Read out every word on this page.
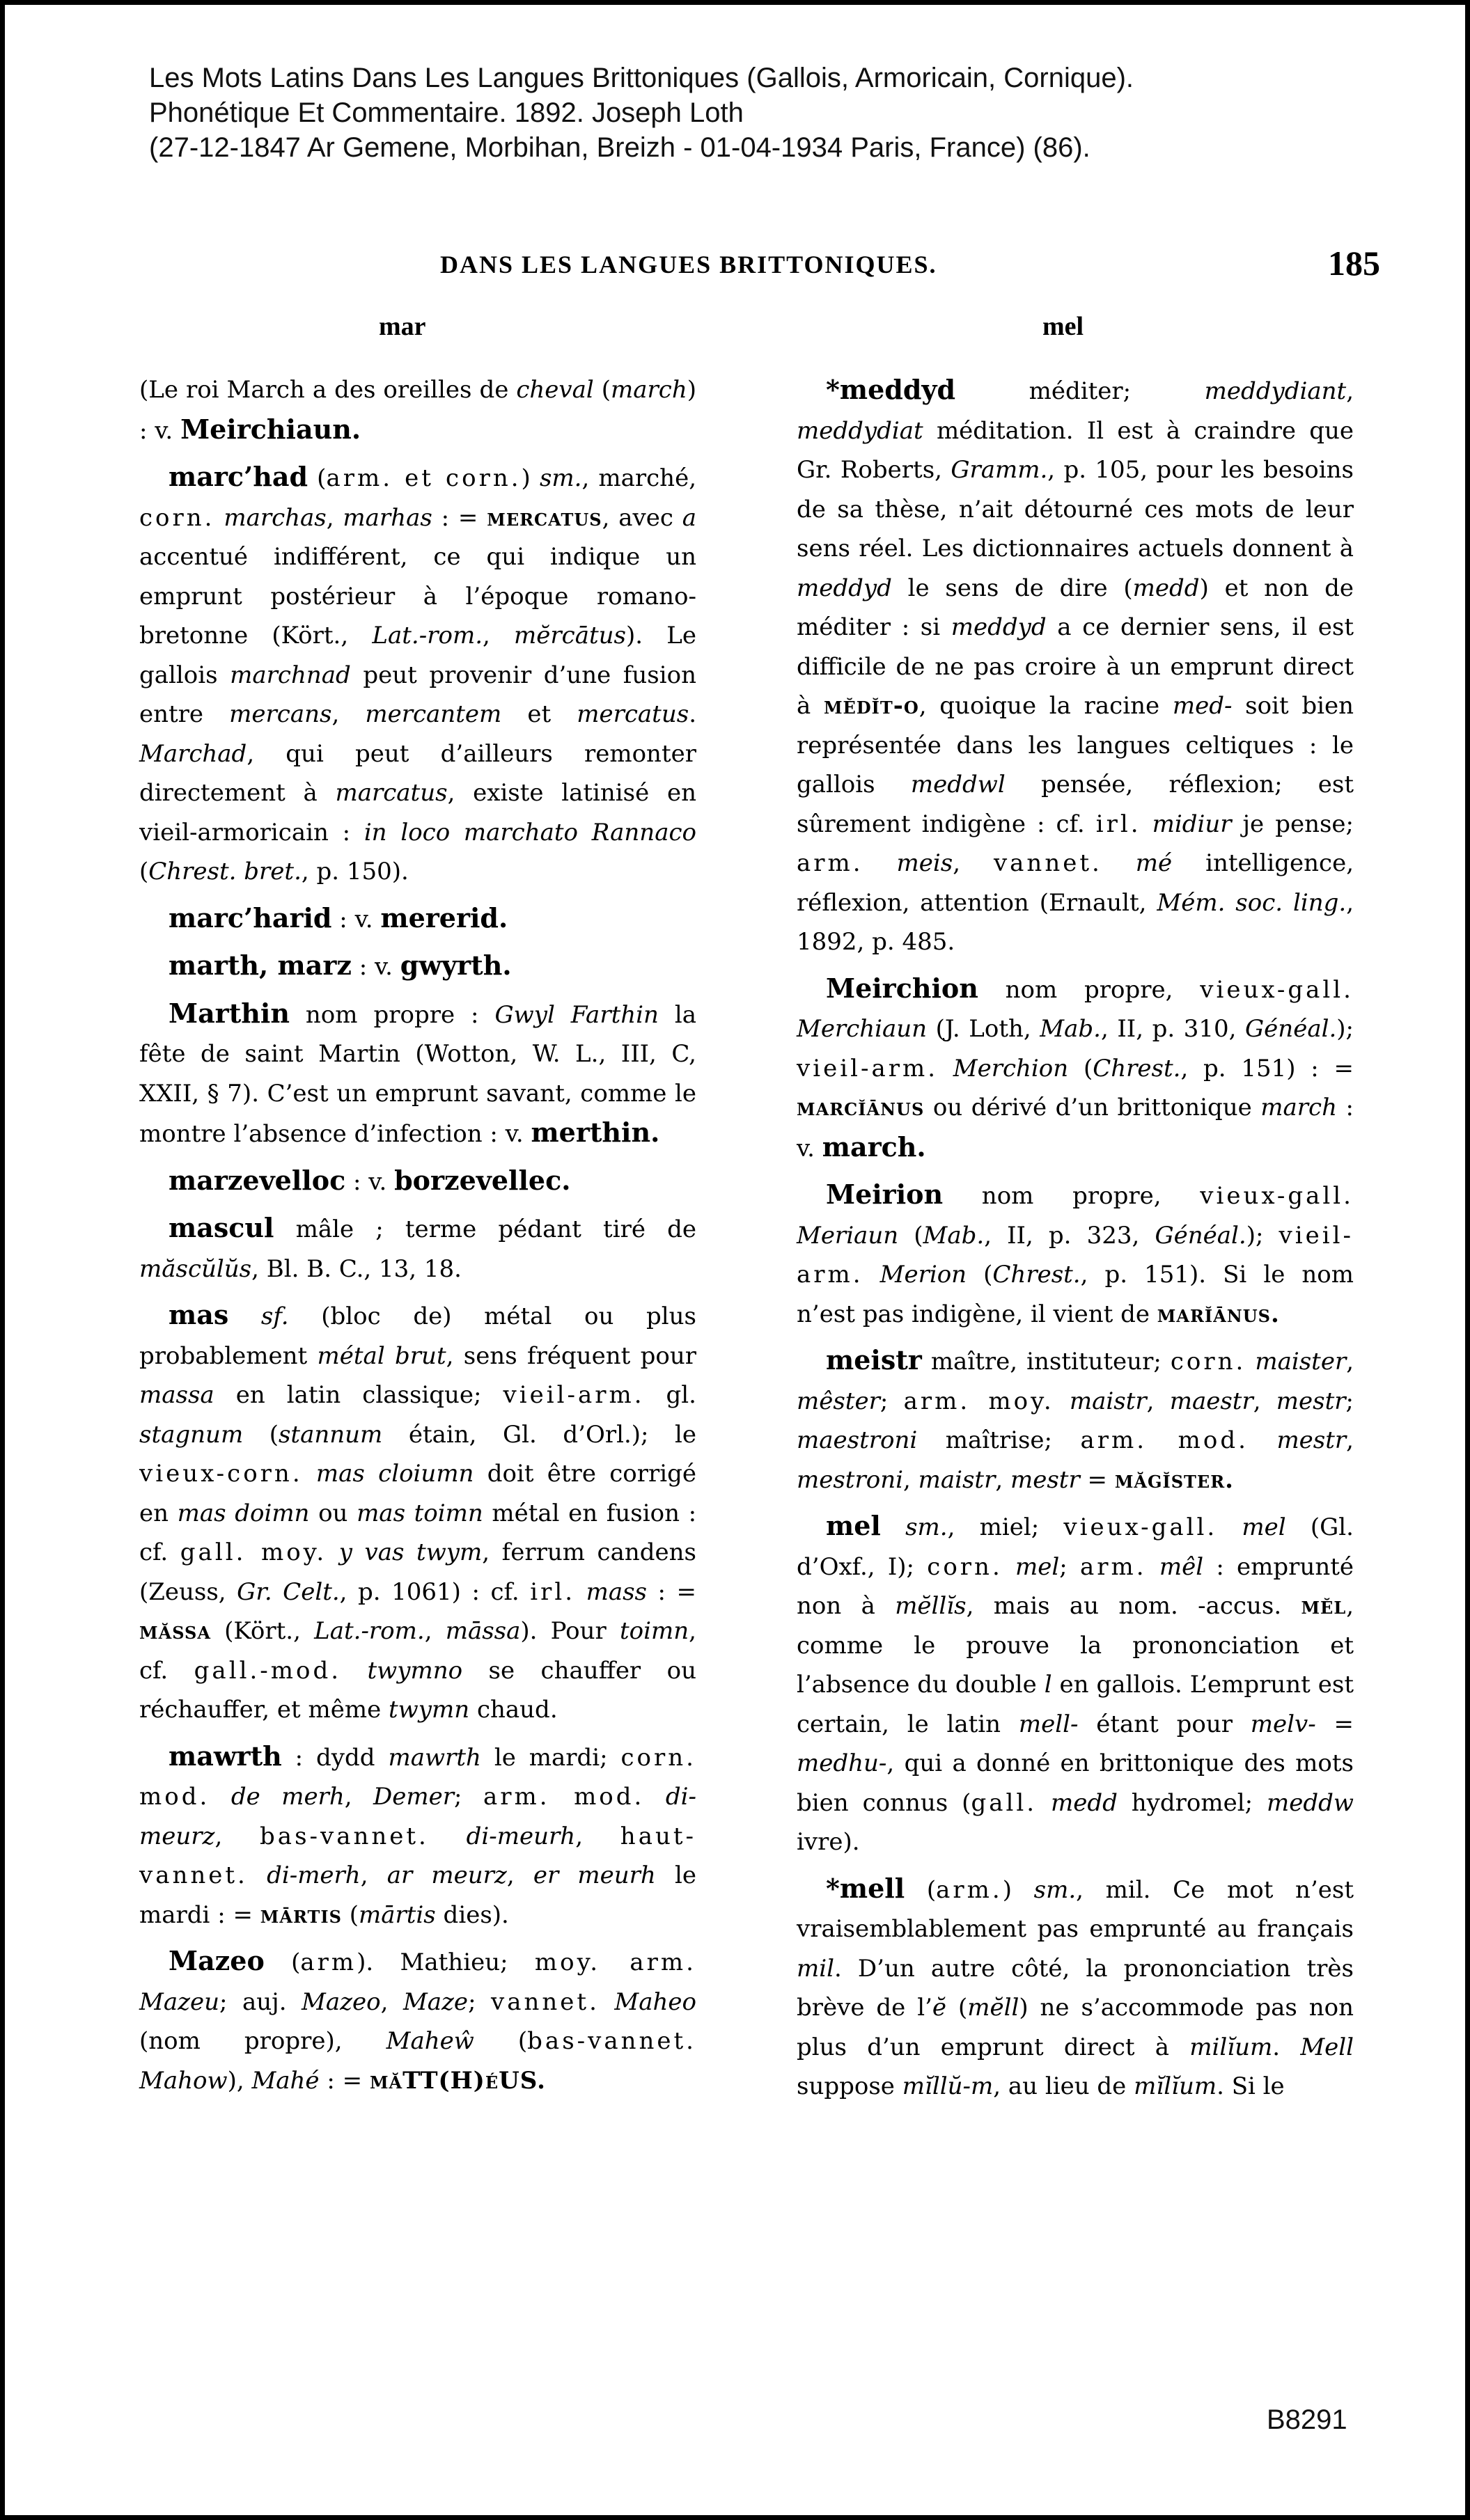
Les Mots Latins Dans Les Langues Brittoniques (Gallois, Armoricain, Cornique).
Phonétique Et Commentaire. 1892. Joseph Loth
(27-12-1847 Ar Gemene, Morbihan, Breizh - 01-04-1934 Paris, France) (86).
DANS LES LANGUES BRITTONIQUES.	185
mar	mel

(Le roi March a des oreilles de cheval (march) : v. Meirchiaun.

marc’had (arm. et corn.) sm., marché, corn. marchas, marhas : = mercatus, avec a accentué indifférent, ce qui indique un emprunt postérieur à l’époque romano-bretonne (Kört., Lat.-rom., mĕrcātus). Le gallois marchnad peut provenir d’une fusion entre mercans, mercantem et mercatus. Marchad, qui peut d’ailleurs remonter directement à marcatus, existe latinisé en vieil-armoricain : in loco marchato Rannaco (Chrest. bret., p. 150).

marc’harid : v. mererid.

marth, marz : v. gwyrth.

Marthin nom propre : Gwyl Farthin la fête de saint Martin (Wotton, W. L., III, C, XXII, § 7). C’est un emprunt savant, comme le montre l’absence d’infection : v. merthin.

marzevelloc : v. borzevellec.

mascul mâle ; terme pédant tiré de măscŭlŭs, Bl. B. C., 13, 18.

mas sf. (bloc de) métal ou plus probablement métal brut, sens fréquent pour massa en latin classique; vieil-arm. gl. stagnum (stannum étain, Gl. d’Orl.); le vieux-corn. mas cloiumn doit être corrigé en mas doimn ou mas toimn métal en fusion : cf. gall. moy. y vas twym, ferrum candens (Zeuss, Gr. Celt., p. 1061) : cf. irl. mass : = măssa (Kört., Lat.-rom., māssa). Pour toimn, cf. gall.-mod. twymno se chauffer ou réchauffer, et même twymn chaud.

mawrth : dydd mawrth le mardi; corn. mod. de merh, Demer; arm. mod. di-meurz, bas-vannet. di-meurh, haut-vannet. di-merh, ar meurz, er meurh le mardi : = mārtis (mārtis dies).

Mazeo (arm). Mathieu; moy. arm. Mazeu; auj. Mazeo, Maze; vannet. Maheo (nom propre), Maheŵ (bas-vannet. Mahow), Mahé : = măTT(H)éUS.

*meddyd méditer; meddydiant, meddydiat méditation. Il est à craindre que Gr. Roberts, Gramm., p. 105, pour les besoins de sa thèse, n’ait détourné ces mots de leur sens réel. Les dictionnaires actuels donnent à meddyd le sens de dire (medd) et non de méditer : si meddyd a ce dernier sens, il est difficile de ne pas croire à un emprunt direct à mĕdĭt-o, quoique la racine med- soit bien représentée dans les langues celtiques : le gallois meddwl pensée, réflexion; est sûrement indigène : cf. irl. midiur je pense; arm. meis, vannet. mé intelligence, réflexion, attention (Ernault, Mém. soc. ling., 1892, p. 485.

Meirchion nom propre, vieux-gall. Merchiaun (J. Loth, Mab., II, p. 310, Généal.); vieil-arm. Merchion (Chrest., p. 151) : = marcĭānus ou dérivé d’un brittonique march : v. march.

Meirion nom propre, vieux-gall. Meriaun (Mab., II, p. 323, Généal.); vieil-arm. Merion (Chrest., p. 151). Si le nom n’est pas indigène, il vient de marĭānus.

meistr maître, instituteur; corn. maister, mêster; arm. moy. maistr, maestr, mestr; maestroni maîtrise; arm. mod. mestr, mestroni, maistr, mestr = măgĭster.

mel sm., miel; vieux-gall. mel (Gl. d’Oxf., I); corn. mel; arm. mêl : emprunté non à mĕllĭs, mais au nom. -accus. mĕl, comme le prouve la prononciation et l’absence du double l en gallois. L’emprunt est certain, le latin mell- étant pour melv- = medhu-, qui a donné en brittonique des mots bien connus (gall. medd hydromel; meddw ivre).

*mell (arm.) sm., mil. Ce mot n’est vraisemblablement pas emprunté au français mil. D’un autre côté, la prononciation très brève de l’ĕ (mĕll) ne s’accommode pas non plus d’un emprunt direct à milĭum. Mell suppose mĭllŭ-m, au lieu de mĭlĭum. Si le

B8291
